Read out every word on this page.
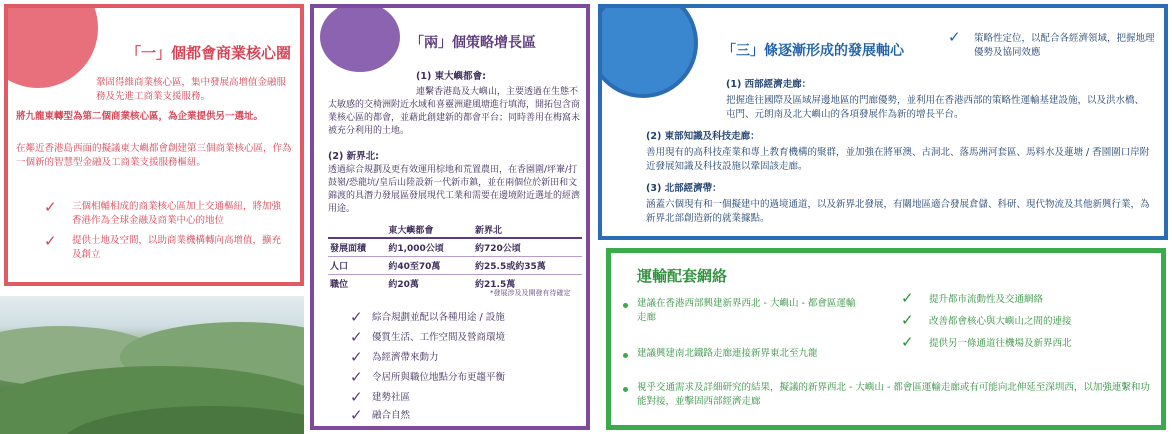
「一」個都會商業核心圈
鞏固得維商業核心區，集中發展高增值金融服務及先進工商業支援服務。
將九龍東轉型為第二個商業核心區，為企業提供另一選址。
在鄰近香港島西面的擬議東大嶼都會創建第三個商業核心區，作為一個新的智慧型金融及工商業支援服務樞紐。
✓ 三個相輔相成的商業核心區加上交通樞紐，將加強香港作為全球金融及商業中心的地位
✓ 提供土地及空間，以助商業機構轉向高增值，擴充及創立
「兩」個策略增長區
(1) 東大嶼都會:
連繫香港島及大嶼山，主要透過在生態不太敏感的交椅洲附近水域和喜靈洲避風塘進行填海，開拓包含商業核心區的都會，並藉此創建新的都會平台；同時善用在梅窩未被充分利用的土地。
(2) 新界北:
透過綜合規劃及更有效運用棕地和荒置農田，在香園圍/坪輋/打鼓嶺/恐龍坑/皇后山陸設新一代新市鎮，並在兩個位於新田和文錦渡的具潛力發展區發展現代工業和需要在邊境附近選址的經濟用途。
	東大嶼都會	新界北
發展面積	約1,000公頃	約720公頃
人口	約40至70萬	約25.5或約35萬
職位	約20萬	約21.5萬
*發展涉及及開發有待確定
✓ 綜合規劃並配以各種用途 / 設施
✓ 優質生活、工作空間及營商環境
✓ 為經濟帶來動力
✓ 令居所與職位地點分布更趨平衡
✓ 建勢社區
✓ 融合自然
「三」條逐漸形成的發展軸心
✓ 策略性定位，以配合各經濟領域，把握地理優勢及協同效應
(1) 西部經濟走廊：
把握進往國際及區域屏邊地區的門廊優勢，並利用在香港西部的策略性運輸基建設施，以及洪水橋、屯門、元朗南及北大嶼山的各項發展作為新的增長平台。
(2) 東部知識及科技走廊：
善用現有的高科技產業和專上教育機構的聚群，並加強在將軍澳、古洞北、落馬洲河套區、馬料水及蓮塘 / 香園圍口岸附近發展知識及科技設施以鞏固該走廊。
(3) 北部經濟帶：
涵蓋六個現有和一個擬建中的過境通道，以及新界北發展，有關地區適合發展倉儲、科研、現代物流及其他新興行業，為新界北部創造新的就業據點。
運輸配套網絡
建議在香港西部興建新界西北 - 大嶼山 - 都會區運輸走廊
建議興建南北鐵路走廊連接新界東北至九龍
視乎交通需求及詳細研究的結果，擬議的新界西北 - 大嶼山 - 都會區運輸走廊或有可能向北伸延至深圳西，以加強連繫和功能對接，並擊固西部經濟走廊
✓ 提升都市流動性及交通網絡
✓ 改善都會核心與大嶼山之間的連接
✓ 提供另一條通道往機場及新界西北
